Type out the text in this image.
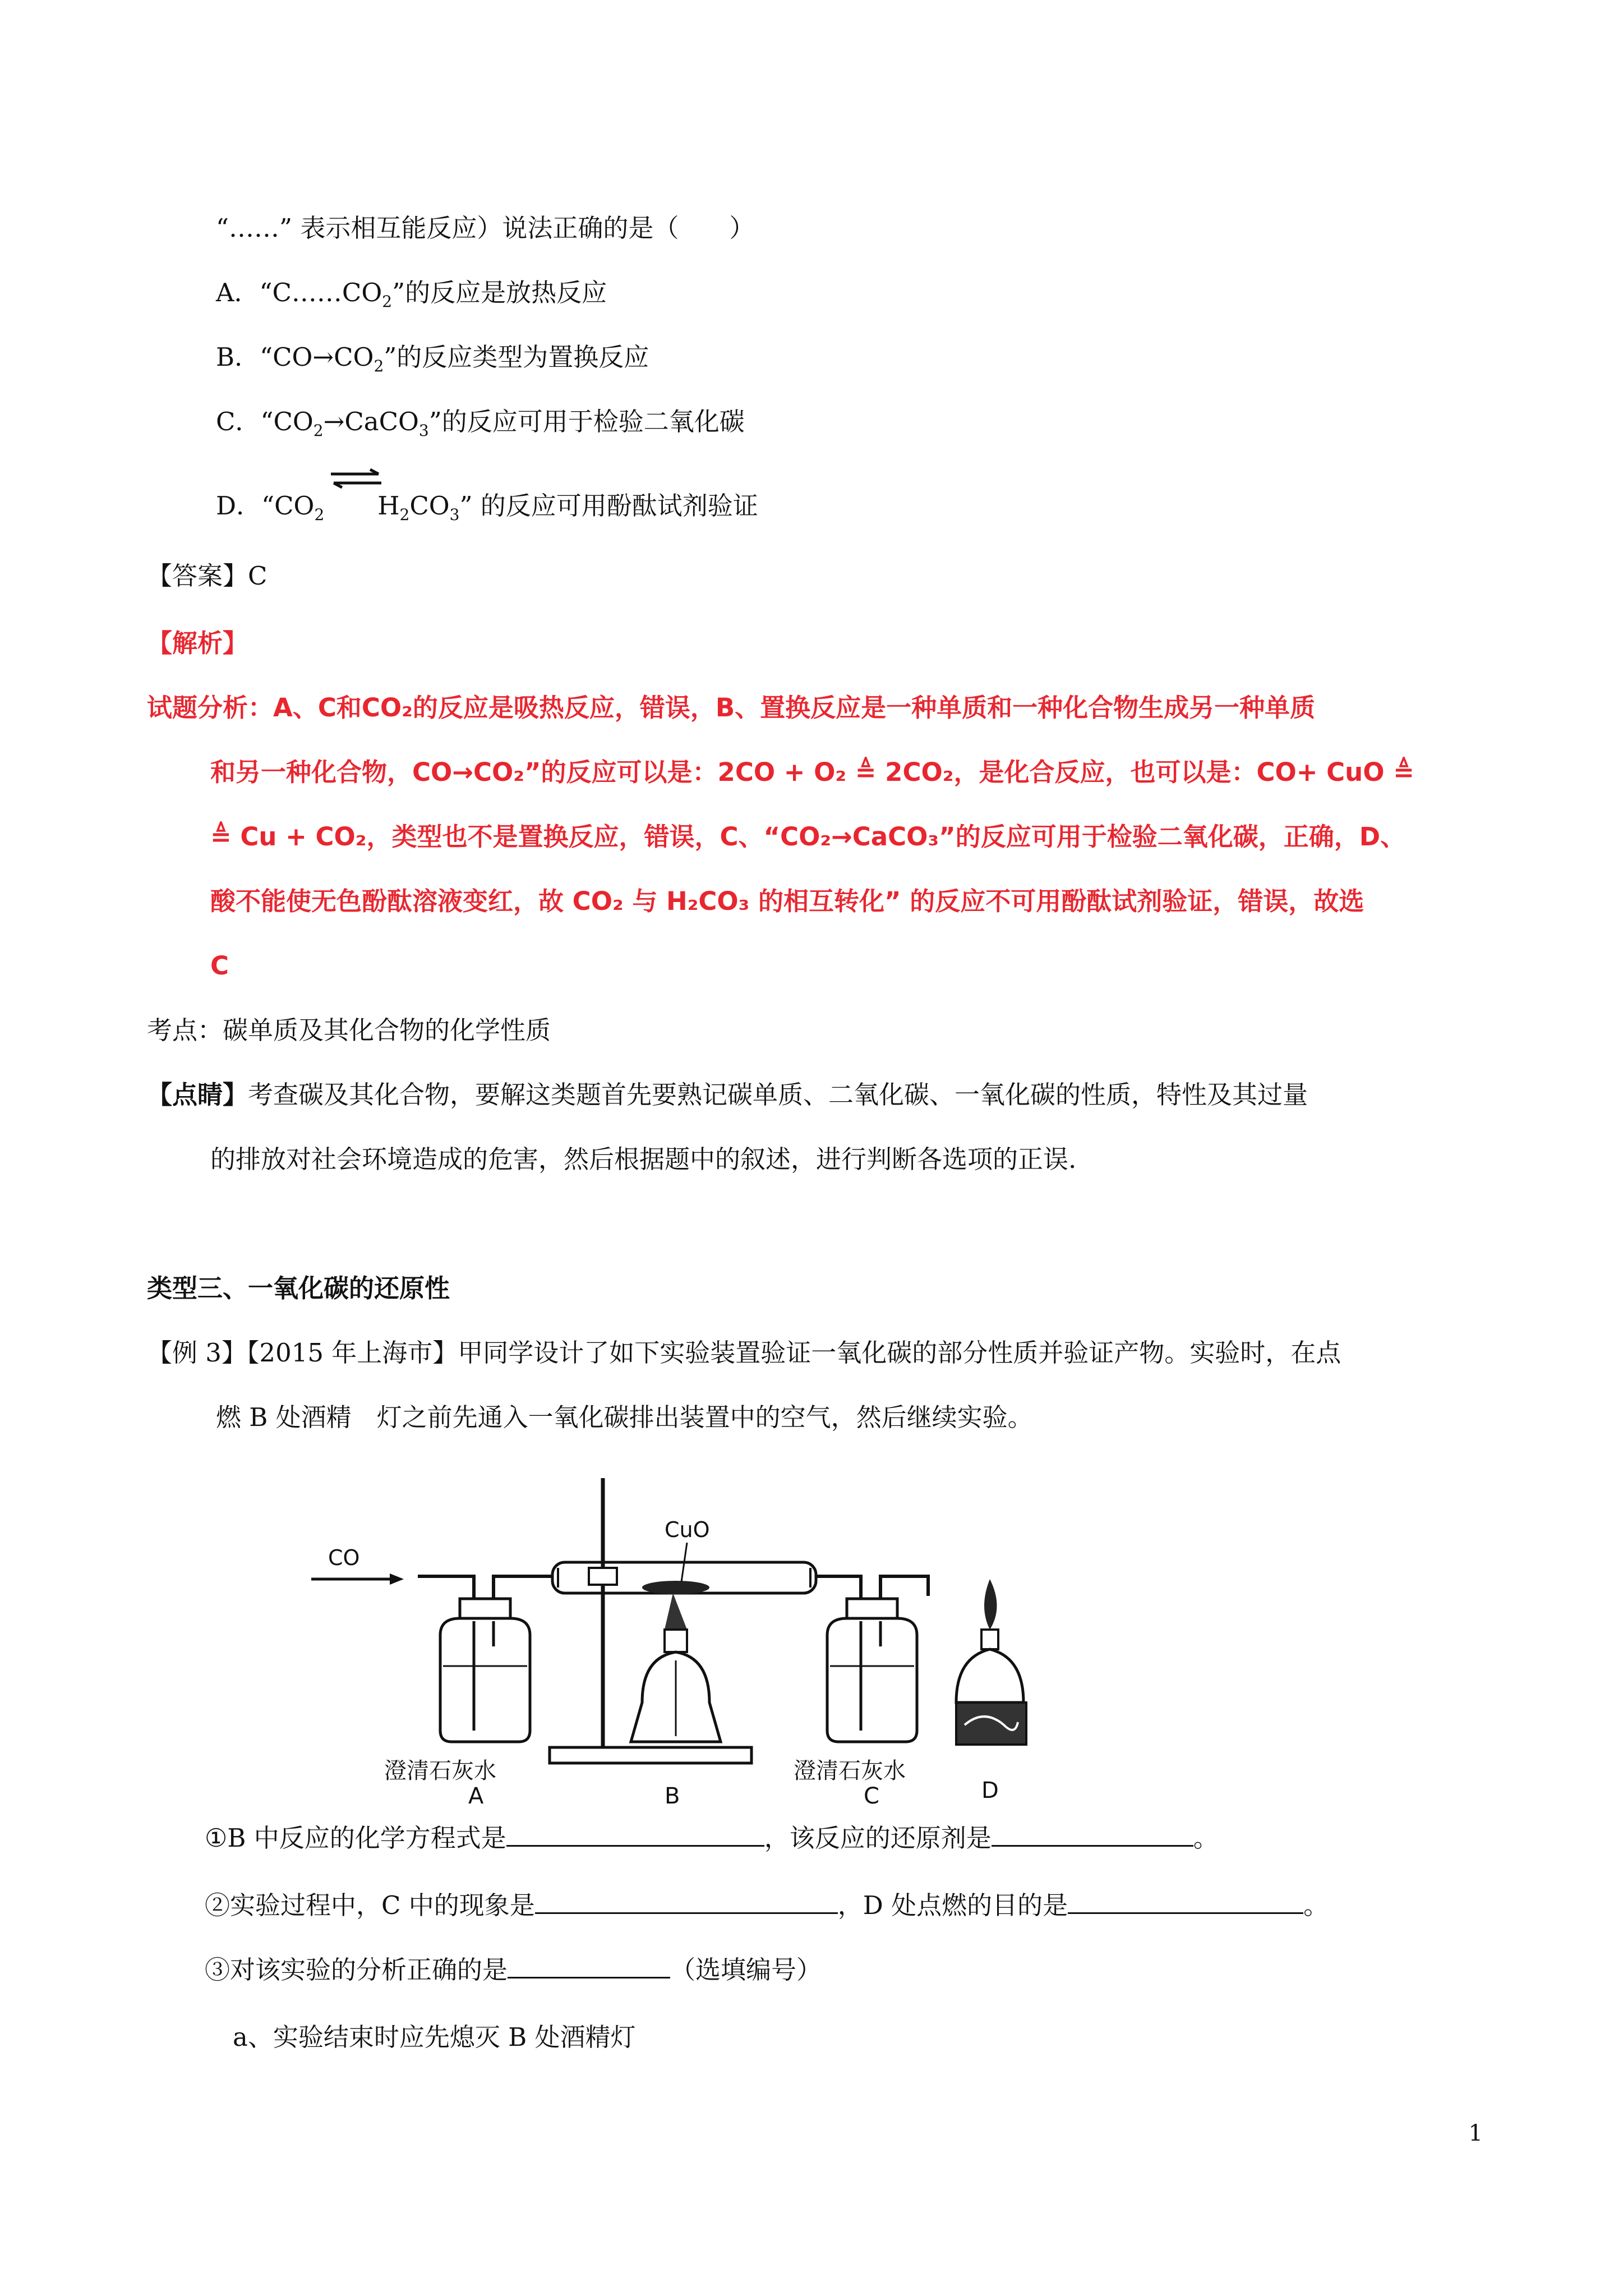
“……” 表示相互能反应）说法正确的是（　　）
A．“$C\dots\dots CO_2$”的反应是放热反应
B．“$CO\to CO_2$”的反应类型为置换反应
C．“$CO_2\to CaCO_3$”的反应可用于检验二氧化碳
D．“$CO_2$ $H_2CO_3$” 的反应可用酚酞试剂验证
【答案】C
【解析】
试题分析：A、C和CO₂的反应是吸热反应，错误，B、置换反应是一种单质和一种化合物生成另一种单质
和另一种化合物，CO→CO₂”的反应可以是：2CO + O₂ ≜ 2CO₂，是化合反应，也可以是：CO+ CuO ≜
≜ Cu + CO₂，类型也不是置换反应，错误，C、“CO₂→CaCO₃”的反应可用于检验二氧化碳，正确，D、
酸不能使无色酚酞溶液变红，故 CO₂ 与 H₂CO₃ 的相互转化” 的反应不可用酚酞试剂验证，错误，故选
C
考点：碳单质及其化合物的化学性质
【点睛】考查碳及其化合物，要解这类题首先要熟记碳单质、二氧化碳、一氧化碳的性质，特性及其过量
的排放对社会环境造成的危害，然后根据题中的叙述，进行判断各选项的正误.
类型三、一氧化碳的还原性
【例 3】【2015 年上海市】甲同学设计了如下实验装置验证一氧化碳的部分性质并验证产物。实验时，在点
燃 B 处酒精　灯之前先通入一氧化碳排出装置中的空气，然后继续实验。
CO
CuO
澄清石灰水
A	B
澄清石灰水
C	D
①B 中反应的化学方程式是	，该反应的还原剂是	。
②实验过程中，C 中的现象是	，D 处点燃的目的是	。
③对该实验的分析正确的是	（选填编号）
a、实验结束时应先熄灭 B 处酒精灯
1
